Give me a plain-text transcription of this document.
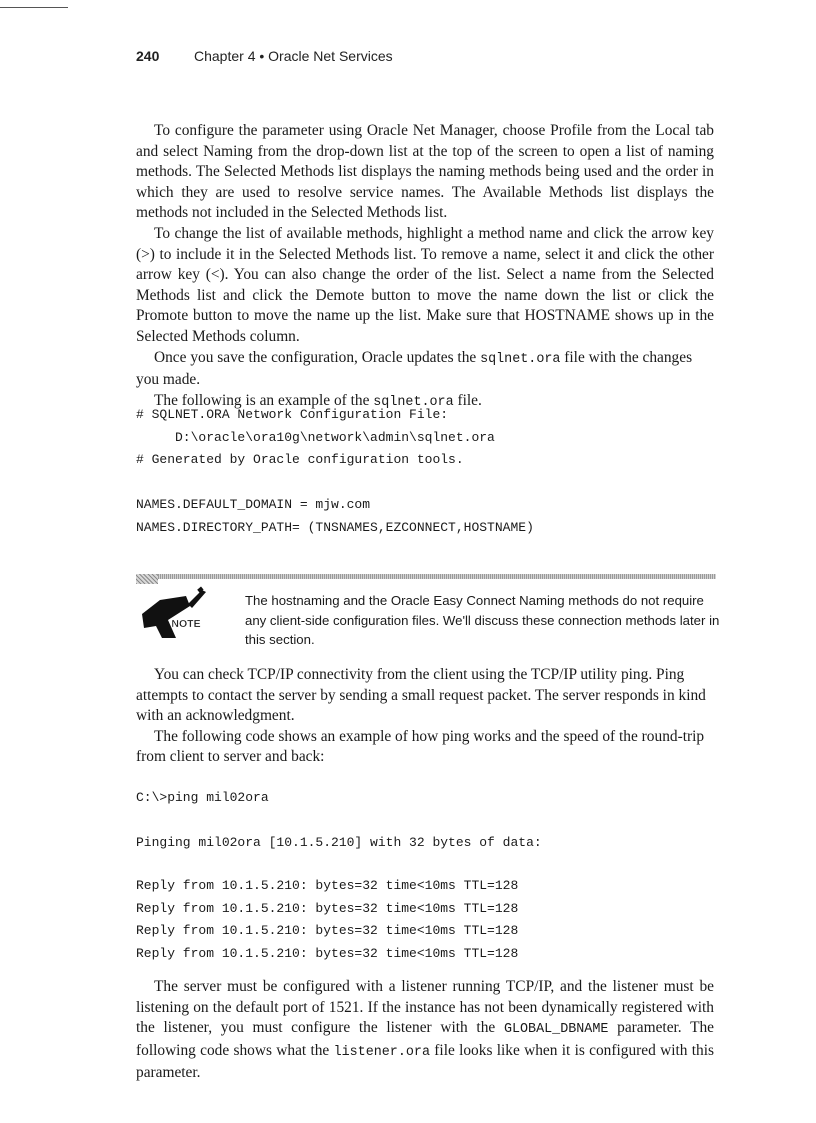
240 Chapter 4 • Oracle Net Services

To configure the parameter using Oracle Net Manager, choose Profile from the Local tab and select Naming from the drop-down list at the top of the screen to open a list of naming methods. The Selected Methods list displays the naming methods being used and the order in which they are used to resolve service names. The Available Methods list displays the methods not included in the Selected Methods list.

To change the list of available methods, highlight a method name and click the arrow key (>) to include it in the Selected Methods list. To remove a name, select it and click the other arrow key (<). You can also change the order of the list. Select a name from the Selected Methods list and click the Demote button to move the name down the list or click the Promote button to move the name up the list. Make sure that HOSTNAME shows up in the Selected Methods column.

Once you save the configuration, Oracle updates the sqlnet.ora file with the changes you made.

The following is an example of the sqlnet.ora file.

# SQLNET.ORA Network Configuration File:
D:\oracle\ora10g\network\admin\sqlnet.ora
# Generated by Oracle configuration tools.

NAMES.DEFAULT_DOMAIN = mjw.com
NAMES.DIRECTORY_PATH= (TNSNAMES,EZCONNECT,HOSTNAME)
NOTE
The hostnaming and the Oracle Easy Connect Naming methods do not require any client-side configuration files. We'll discuss these connection methods later in this section.

You can check TCP/IP connectivity from the client using the TCP/IP utility ping. Ping attempts to contact the server by sending a small request packet. The server responds in kind with an acknowledgment.

The following code shows an example of how ping works and the speed of the round-trip from client to server and back:

C:\>ping mil02ora
Pinging mil02ora [10.1.5.210] with 32 bytes of data:
Reply from 10.1.5.210: bytes=32 time<10ms TTL=128
Reply from 10.1.5.210: bytes=32 time<10ms TTL=128
Reply from 10.1.5.210: bytes=32 time<10ms TTL=128
Reply from 10.1.5.210: bytes=32 time<10ms TTL=128

The server must be configured with a listener running TCP/IP, and the listener must be listening on the default port of 1521. If the instance has not been dynamically registered with the listener, you must configure the listener with the GLOBAL_DBNAME parameter. The following code shows what the listener.ora file looks like when it is configured with this parameter.
